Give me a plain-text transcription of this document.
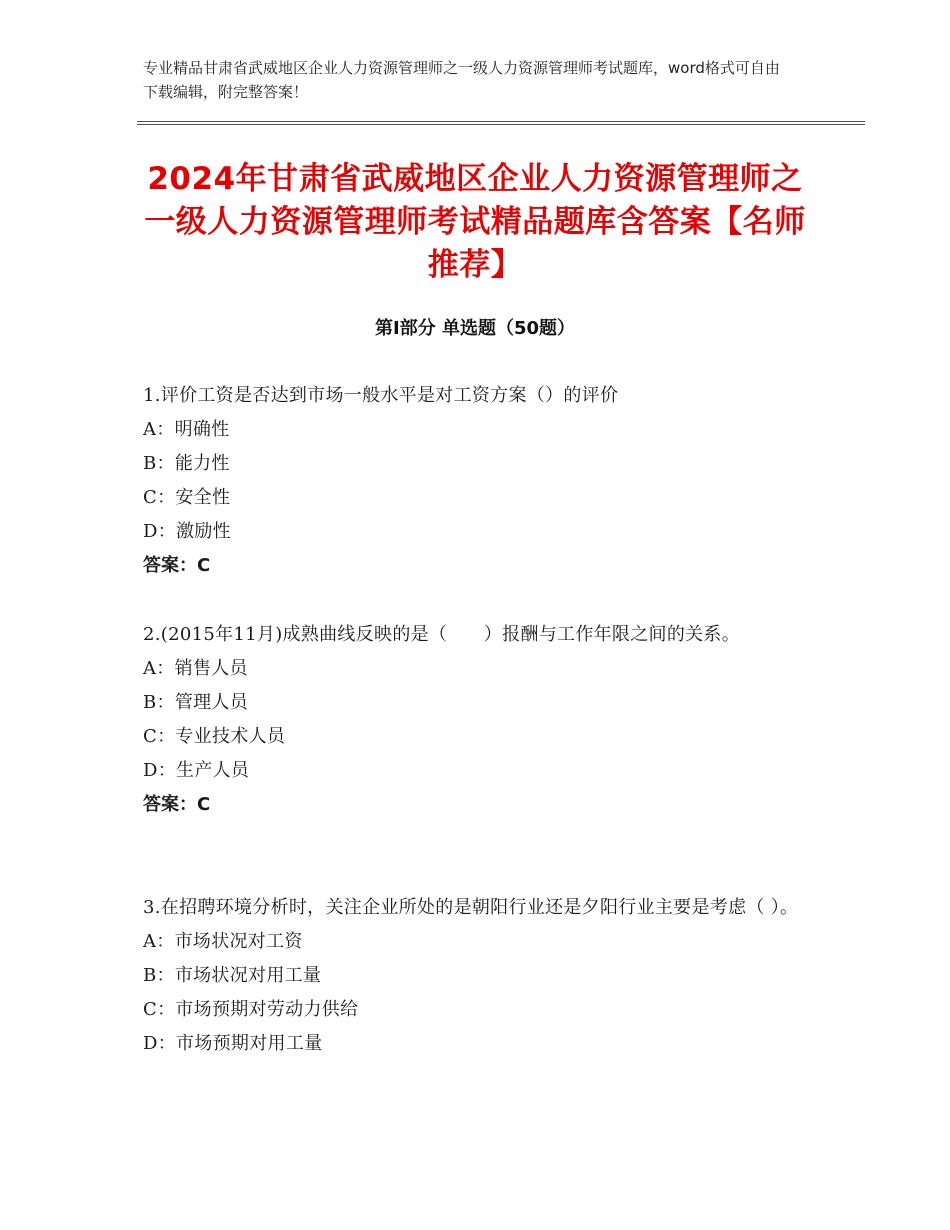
专业精品甘肃省武威地区企业人力资源管理师之一级人力资源管理师考试题库，word格式可自由下载编辑，附完整答案！
2024年甘肃省武威地区企业人力资源管理师之一级人力资源管理师考试精品题库含答案【名师推荐】
第Ⅰ部分 单选题（50题）

1.评价工资是否达到市场一般水平是对工资方案（）的评价

A：明确性

B：能力性

C：安全性

D：激励性

答案：C

2.(2015年11月)成熟曲线反映的是（　　）报酬与工作年限之间的关系。

A：销售人员

B：管理人员

C：专业技术人员

D：生产人员

答案：C

3.在招聘环境分析时，关注企业所处的是朝阳行业还是夕阳行业主要是考虑（ ）。

A：市场状况对工资

B：市场状况对用工量

C：市场预期对劳动力供给

D：市场预期对用工量
